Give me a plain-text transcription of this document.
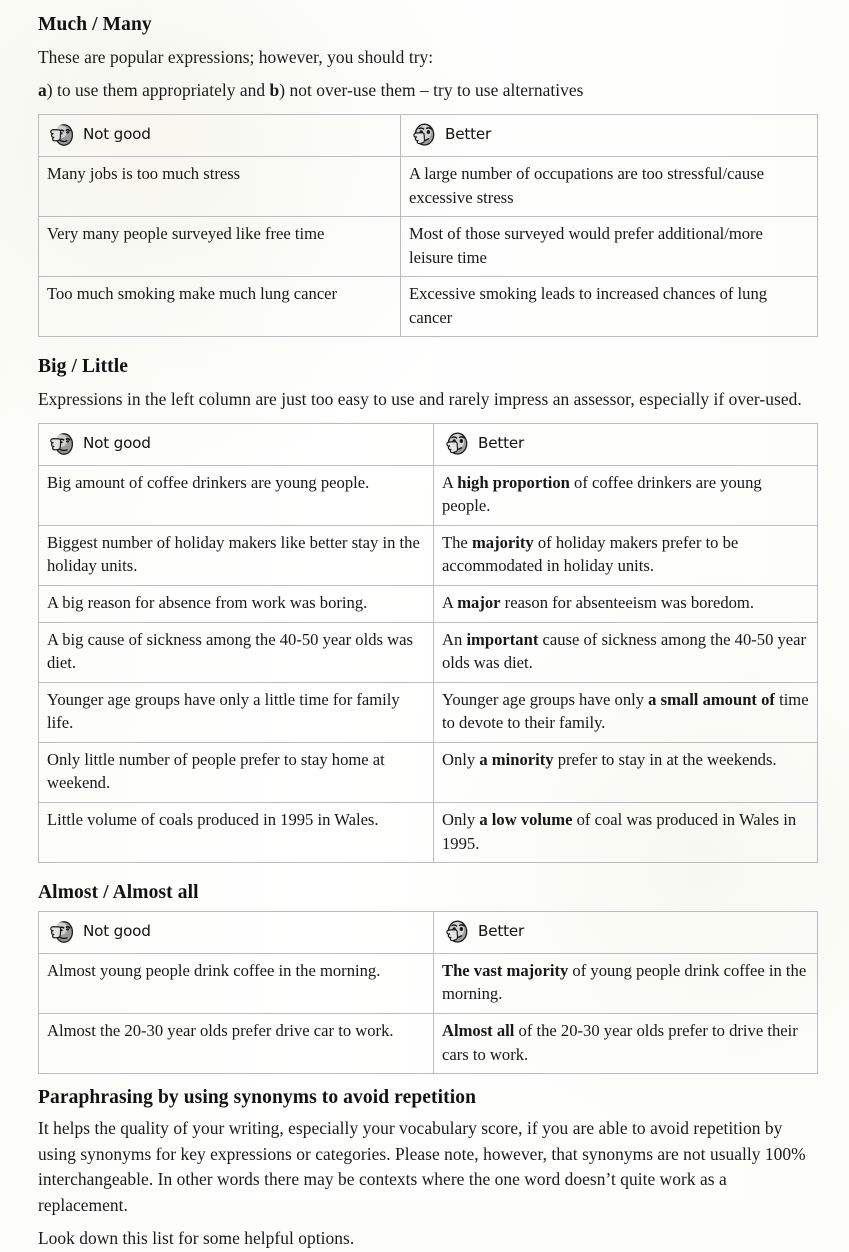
Much / Many

These are popular expressions; however, you should try:

a) to use them appropriately and b) not over-use them – try to use alternatives

Not good	Better

Many jobs is too much stress	A large number of occupations are too stressful/cause excessive stress
Very many people surveyed like free time	Most of those surveyed would prefer additional/more leisure time
Too much smoking make much lung cancer	Excessive smoking leads to increased chances of lung cancer
Big / Little

Expressions in the left column are just too easy to use and rarely impress an assessor, especially if over-used.

Not good	Better

Big amount of coffee drinkers are young people.	A high proportion of coffee drinkers are young people.
Biggest number of holiday makers like better stay in the holiday units.	The majority of holiday makers prefer to be accommodated in holiday units.
A big reason for absence from work was boring.	A major reason for absenteeism was boredom.
A big cause of sickness among the 40-50 year olds was diet.	An important cause of sickness among the 40-50 year olds was diet.
Younger age groups have only a little time for family life.	Younger age groups have only a small amount of time to devote to their family.
Only little number of people prefer to stay home at weekend.	Only a minority prefer to stay in at the weekends.
Little volume of coals produced in 1995 in Wales.	Only a low volume of coal was produced in Wales in 1995.
Almost / Almost all
Not good	Better

Almost young people drink coffee in the morning.	The vast majority of young people drink coffee in the morning.
Almost the 20-30 year olds prefer drive car to work.	Almost all of the 20-30 year olds prefer to drive their cars to work.
Paraphrasing by using synonyms to avoid repetition

It helps the quality of your writing, especially your vocabulary score, if you are able to avoid repetition by using synonyms for key expressions or categories. Please note, however, that synonyms are not usually 100% interchangeable. In other words there may be contexts where the one word doesn’t quite work as a replacement.

Look down this list for some helpful options.
